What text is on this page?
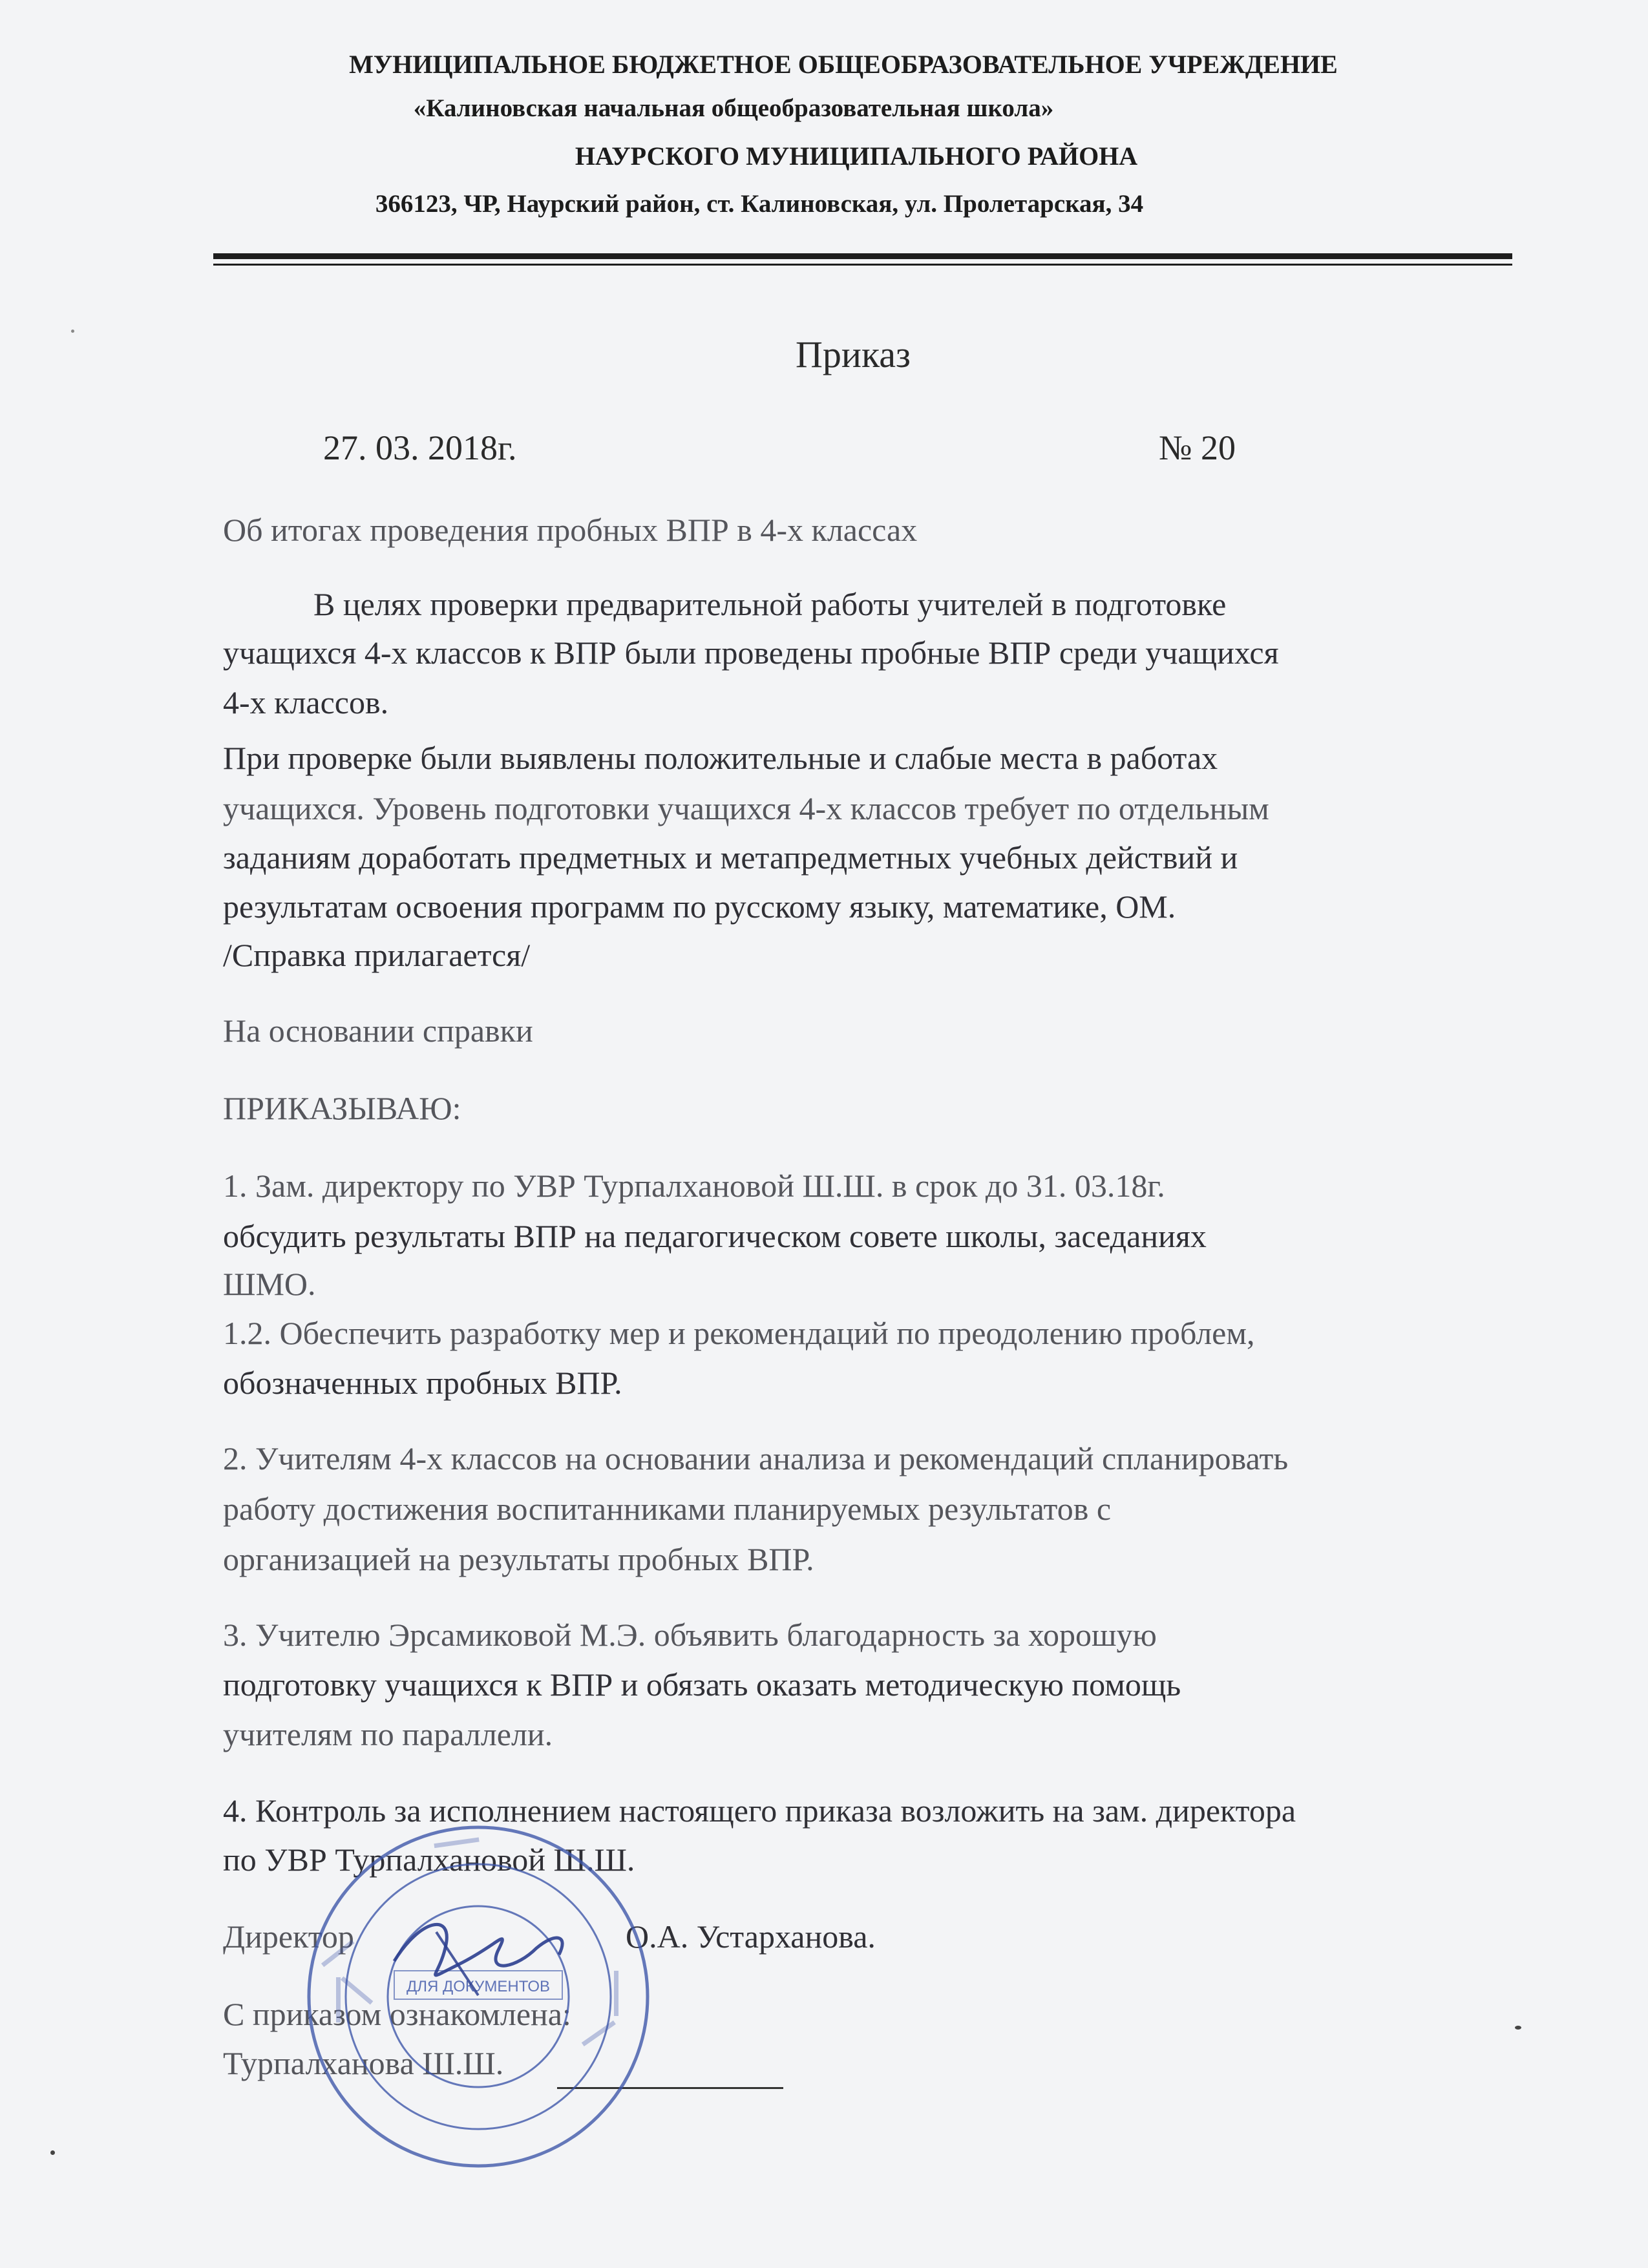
МУНИЦИПАЛЬНОЕ БЮДЖЕТНОЕ ОБЩЕОБРАЗОВАТЕЛЬНОЕ УЧРЕЖДЕНИЕ
«Калиновская начальная общеобразовательная школа»
НАУРСКОГО МУНИЦИПАЛЬНОГО РАЙОНА
366123, ЧР, Наурский район, ст. Калиновская, ул. Пролетарская, 34
Приказ
27. 03. 2018г.	№ 20
Об итогах проведения пробных ВПР в 4-х классах
В целях проверки предварительной работы учителей в подготовке
учащихся 4-х классов к ВПР были проведены пробные ВПР среди учащихся
4-х классов.
При проверке были выявлены положительные и слабые места в работах
учащихся. Уровень подготовки учащихся 4-х классов требует по отдельным
заданиям доработать предметных и метапредметных учебных действий и
результатам освоения программ по русскому языку, математике, ОМ.
/Справка прилагается/
На основании справки
ПРИКАЗЫВАЮ:
1. Зам. директору по УВР Турпалхановой Ш.Ш. в срок до 31. 03.18г.
обсудить результаты ВПР на педагогическом совете школы, заседаниях
ШМО.
1.2. Обеспечить разработку мер и рекомендаций по преодолению проблем,
обозначенных пробных ВПР.
2. Учителям 4-х классов на основании анализа и рекомендаций спланировать
работу достижения воспитанниками планируемых результатов с
организацией на результаты пробных ВПР.
3. Учителю Эрсамиковой М.Э. объявить благодарность за хорошую
подготовку учащихся к ВПР и обязать оказать методическую помощь
учителям по параллели.
4. Контроль за исполнением настоящего приказа возложить на зам. директора
по УВР Турпалхановой Ш.Ш.
Директор	О.А. Устарханова.
С приказом ознакомлена:
Турпалханова Ш.Ш.
ДЛЯ ДОКУМЕНТОВ
